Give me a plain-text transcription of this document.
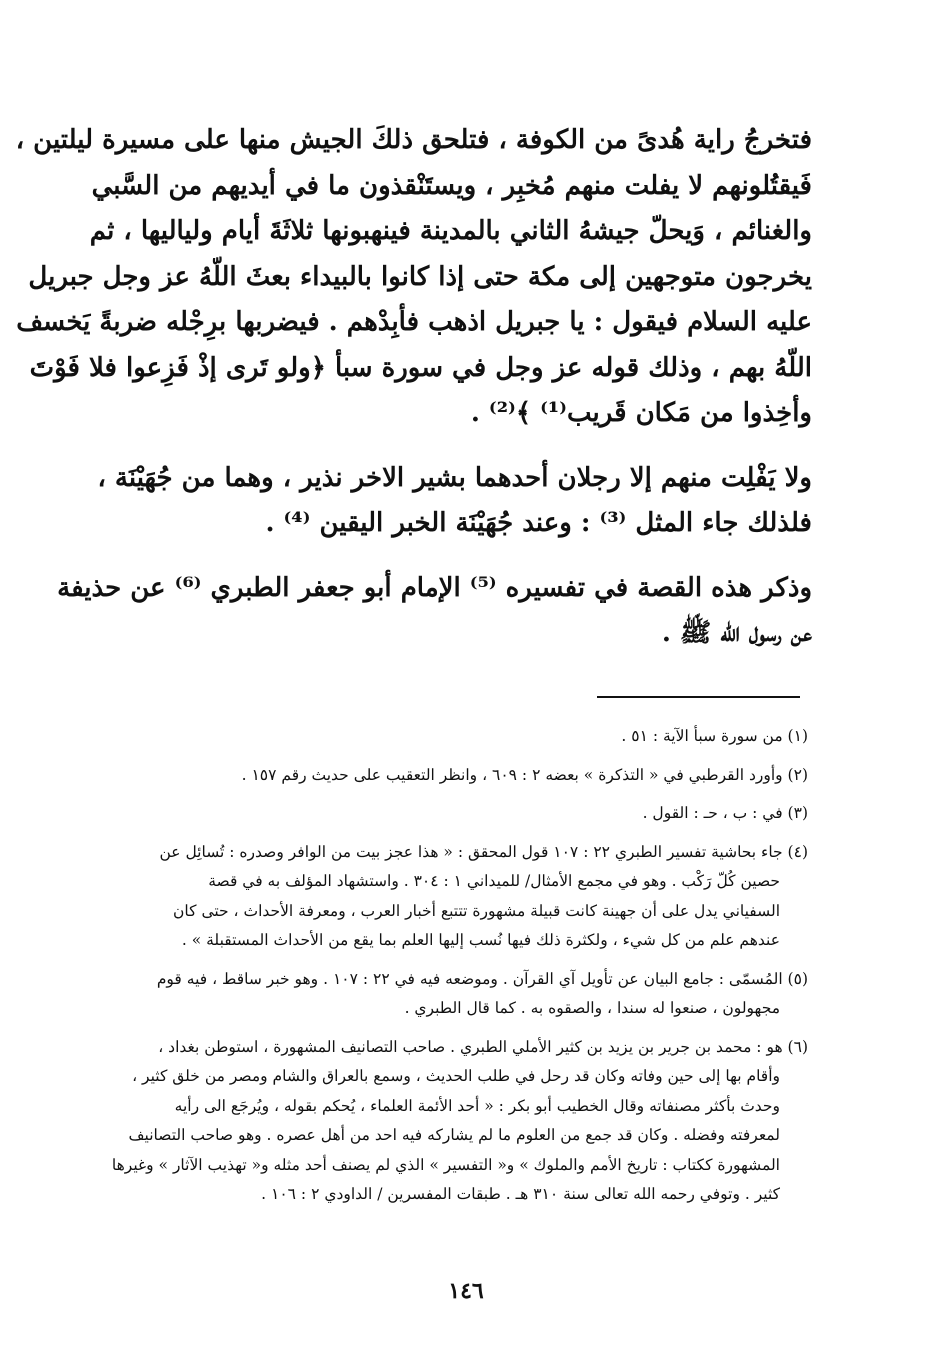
فتخرجُ راية هُدىً من الكوفة ، فتلحق ذلكَ الجيش منها على مسيرة ليلتين ،
فَيقتُلونهم لا يفلت منهم مُخبِر ، ويستَنْقذون ما في أيديهم من السَّبي
والغنائم ، وَيحلّ جيشهُ الثاني بالمدينة فينهبونها ثلاثَةَ أيام ولياليها ، ثم
يخرجون متوجهين إلى مكة حتى إذا كانوا بالبيداء بعثَ اللّهُ عز وجل جبريل
عليه السلام فيقول : يا جبريل اذهب فأبِدْهم . فيضربها برِجْله ضربةً يَخسف
اللّهُ بهم ، وذلك قوله عز وجل في سورة سبأ ﴿ولو تَرى إذْ فَزِعوا فلا فَوْتَ
وأخِذوا من مَكان قَريب⁽¹⁾ ﴾⁽²⁾ .
ولا يَفْلِت منهم إلا رجلان أحدهما بشير الاخر نذير ، وهما من جُهَيْنَة ،
فلذلك جاء المثل ⁽³⁾ : وعند جُهَيْنَة الخبر اليقين ⁽⁴⁾ .
وذكر هذه القصة في تفسيره ⁽⁵⁾ الإمام أبو جعفر الطبري ⁽⁶⁾ عن حذيفة
عن رسول الله ﷺ .
(١) من سورة سبأ الآية : ٥١ .
(٢) وأورد القرطبي في « التذكرة » بعضه ٢ : ٦٠٩ ، وانظر التعقيب على حديث رقم ١٥٧ .
(٣) في : ب ، حـ : القول .
(٤) جاء بحاشية تفسير الطبري ٢٢ : ١٠٧ قول المحقق : « هذا عجز بيت من الوافر وصدره : تُسائِل عن
حصين كُلّ رَكْب . وهو في مجمع الأمثال/ للميداني ١ : ٣٠٤ . واستشهاد المؤلف به في قصة
السفياني يدل على أن جهينة كانت قبيلة مشهورة تتتبع أخبار العرب ، ومعرفة الأحداث ، حتى كان
عندهم علم من كل شيء ، ولكثرة ذلك فيها نُسب إليها العلم بما يقع من الأحداث المستقبلة » .
(٥) المُسمّى : جامع البيان عن تأويل آي القرآن . وموضعه فيه في ٢٢ : ١٠٧ . وهو خبر ساقط ، فيه قوم
مجهولون ، صنعوا له سندا ، والصقوه به . كما قال الطبري .
(٦) هو : محمد بن جرير بن يزيد بن كثير الأملي الطبري . صاحب التصانيف المشهورة ، استوطن بغداد ،
وأقام بها إلى حين وفاته وكان قد رحل في طلب الحديث ، وسمع بالعراق والشام ومصر من خلق كثير ،
وحدث بأكثر مصنفاته وقال الخطيب أبو بكر : « أحد الأئمة العلماء ، يُحكم بقوله ، ويُرجَع الى رأيه
لمعرفته وفضله . وكان قد جمع من العلوم ما لم يشاركه فيه احد من أهل عصره . وهو صاحب التصانيف
المشهورة ككتاب : تاريخ الأمم والملوك » و« التفسير » الذي لم يصنف أحد مثله و« تهذيب الآثار » وغيرها
كثير . وتوفي رحمه الله تعالى سنة ٣١٠ هـ . طبقات المفسرين / الداودي ٢ : ١٠٦ .
١٤٦
